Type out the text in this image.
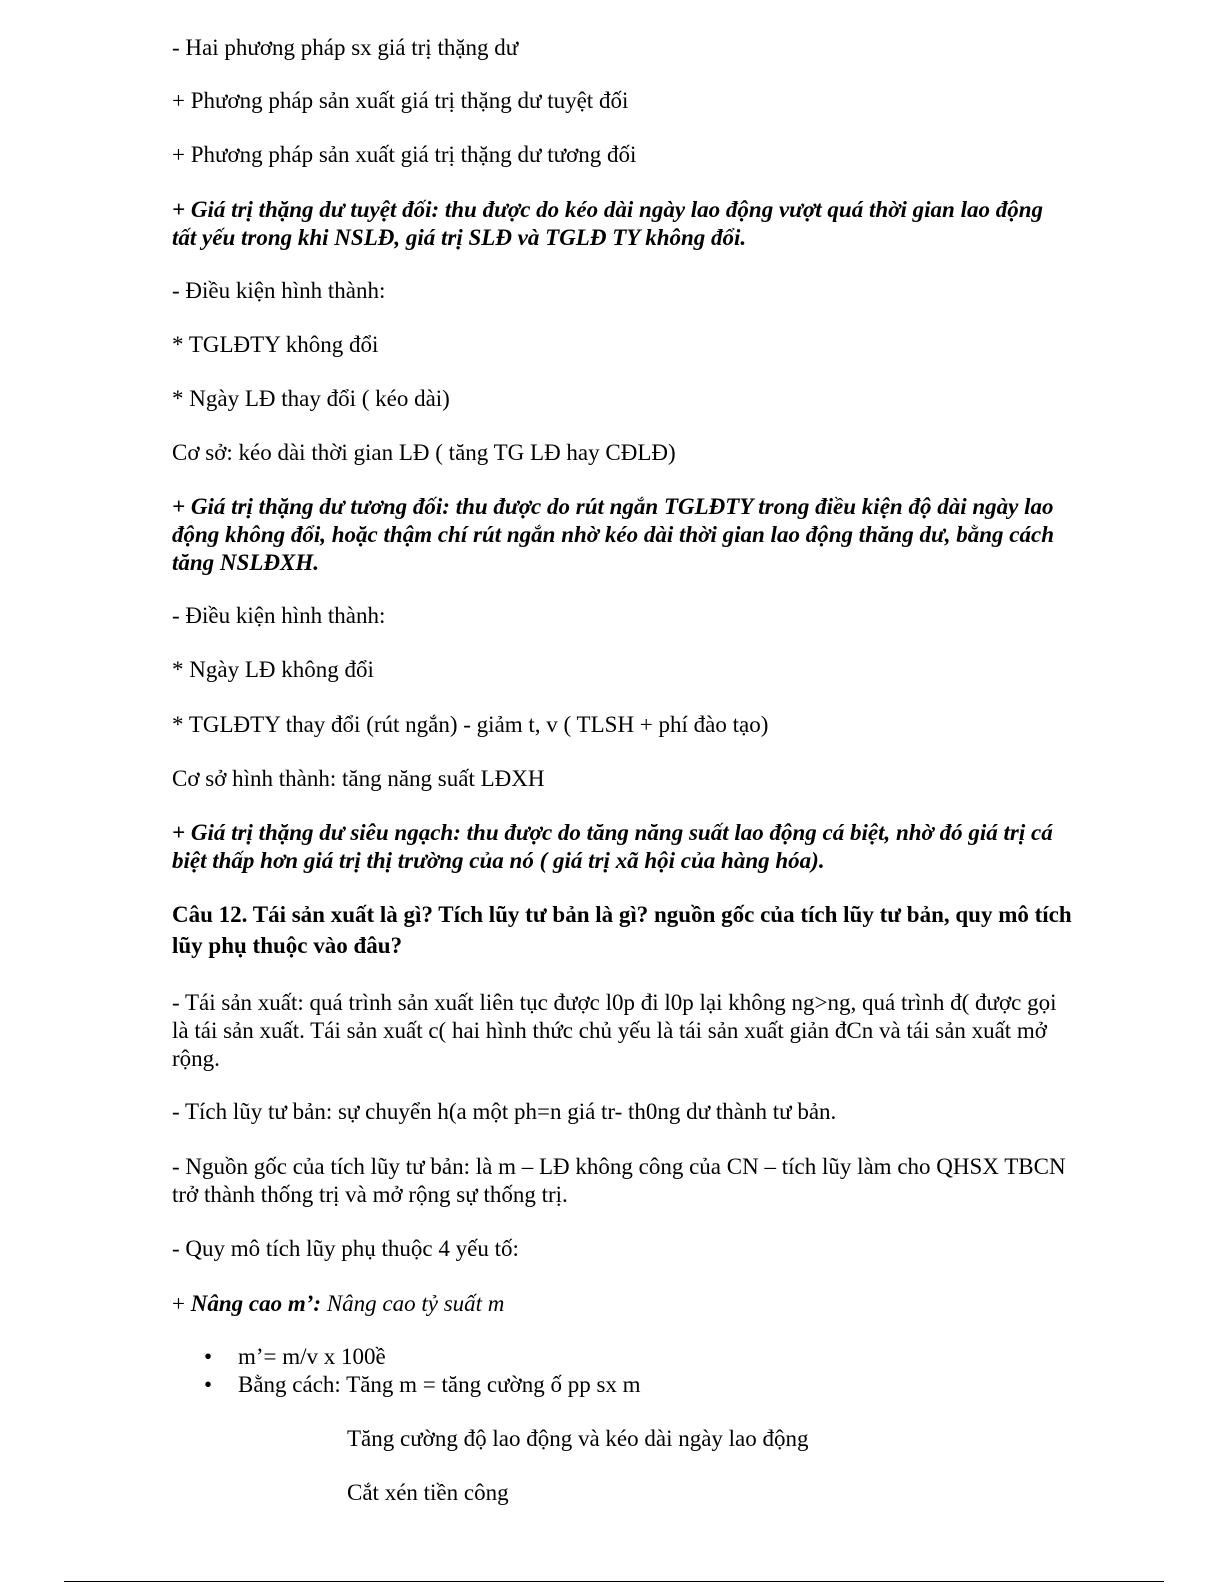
- Hai phương pháp sx giá trị thặng dư

+ Phương pháp sản xuất giá trị thặng dư tuyệt đối

+ Phương pháp sản xuất giá trị thặng dư tương đối

+ Giá trị thặng dư tuyệt đối: thu được do kéo dài ngày lao động vượt quá thời gian lao động tất yếu trong khi NSLĐ, giá trị SLĐ và TGLĐ TY không đổi.

- Điều kiện hình thành:

* TGLĐTY không đổi

* Ngày LĐ thay đổi ( kéo dài)

Cơ sở: kéo dài thời gian LĐ ( tăng TG LĐ hay CĐLĐ)

+ Giá trị thặng dư tương đối: thu được do rút ngắn TGLĐTY trong điều kiện độ dài ngày lao động không đổi, hoặc thậm chí rút ngắn nhờ kéo dài thời gian lao động thăng dư, bằng cách tăng NSLĐXH.

- Điều kiện hình thành:

* Ngày LĐ không đổi

* TGLĐTY thay đổi (rút ngắn) - giảm t, v ( TLSH + phí đào tạo)

Cơ sở hình thành: tăng năng suất LĐXH

+ Giá trị thặng dư siêu ngạch: thu được do tăng năng suất lao động cá biệt, nhờ đó giá trị cá biệt thấp hơn giá trị thị trường của nó ( giá trị xã hội của hàng hóa).

Câu 12. Tái sản xuất là gì? Tích lũy tư bản là gì? nguồn gốc của tích lũy tư bản, quy mô tích lũy phụ thuộc vào đâu?

- Tái sản xuất: quá trình sản xuất liên tục được l0p đi l0p lại không ng>ng, quá trình đ( được gọi là tái sản xuất. Tái sản xuất c( hai hình thức chủ yếu là tái sản xuất giản đCn và tái sản xuất mở rộng.

- Tích lũy tư bản: sự chuyển h(a một ph=n giá tr- th0ng dư thành tư bản.

- Nguồn gốc của tích lũy tư bản: là m – LĐ không công của CN – tích lũy làm cho QHSX TBCN trở thành thống trị và mở rộng sự thống trị.

- Quy mô tích lũy phụ thuộc 4 yếu tố:

+ Nâng cao m’: Nâng cao tỷ suất m

• m’= m/v x 100ề
• Bằng cách: Tăng m = tăng cường ố pp sx m
Tăng cường độ lao động và kéo dài ngày lao động
Cắt xén tiền công
